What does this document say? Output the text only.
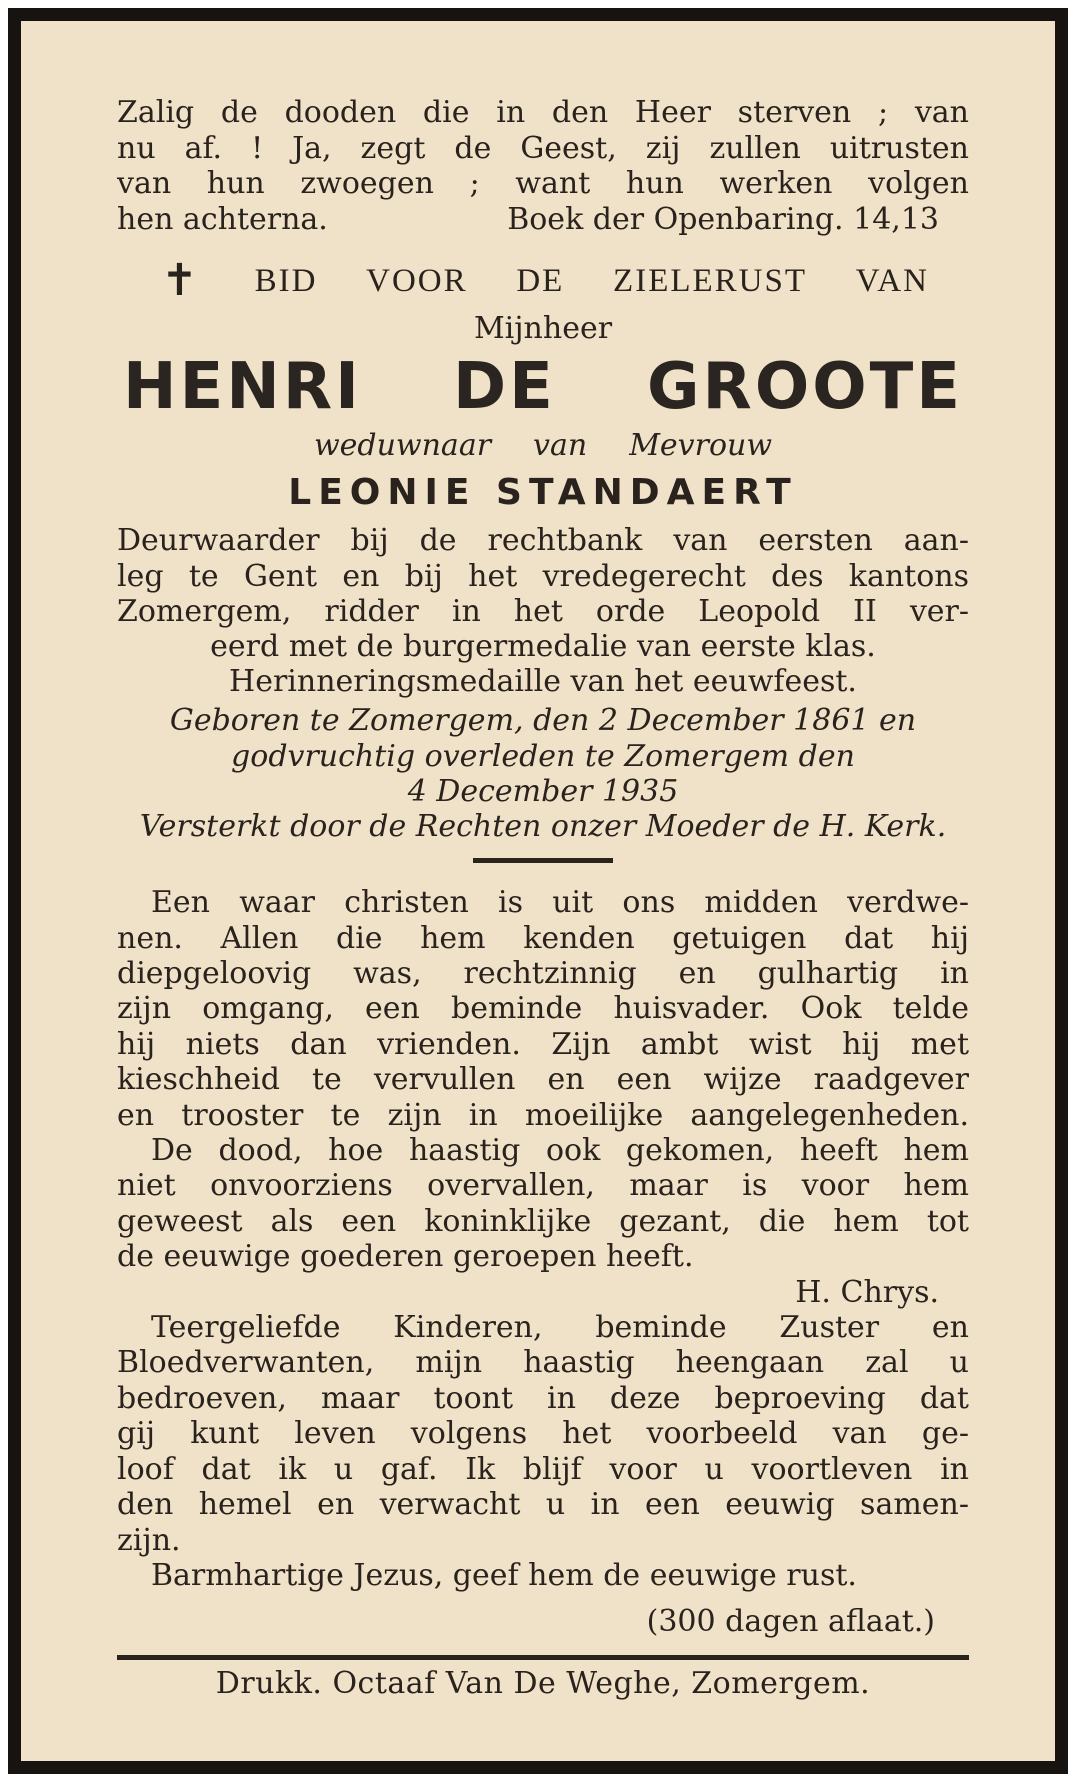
Zalig de dooden die in den Heer sterven ; van
nu af. ! Ja, zegt de Geest, zij zullen uitrusten
van hun zwoegen ; want hun werken volgen
hen achterna.	Boek der Openbaring. 14,13
✝ BID VOOR DE ZIELERUST VAN
Mijnheer
HENRI DE GROOTE
weduwnaar van Mevrouw
LEONIE STANDAERT
Deurwaarder bij de rechtbank van eersten aan-
leg te Gent en bij het vredegerecht des kantons
Zomergem, ridder in het orde Leopold II ver-
eerd met de burgermedalie van eerste klas.
Herinneringsmedaille van het eeuwfeest.
Geboren te Zomergem, den 2 December 1861 en
godvruchtig overleden te Zomergem den
4 December 1935
Versterkt door de Rechten onzer Moeder de H. Kerk.
Een waar christen is uit ons midden verdwe-
nen. Allen die hem kenden getuigen dat hij
diepgeloovig was, rechtzinnig en gulhartig in
zijn omgang, een beminde huisvader. Ook telde
hij niets dan vrienden. Zijn ambt wist hij met
kieschheid te vervullen en een wijze raadgever
en trooster te zijn in moeilijke aangelegenheden.
De dood, hoe haastig ook gekomen, heeft hem
niet onvoorziens overvallen, maar is voor hem
geweest als een koninklijke gezant, die hem tot
de eeuwige goederen geroepen heeft.
H. Chrys.
Teergeliefde Kinderen, beminde Zuster en
Bloedverwanten, mijn haastig heengaan zal u
bedroeven, maar toont in deze beproeving dat
gij kunt leven volgens het voorbeeld van ge-
loof dat ik u gaf. Ik blijf voor u voortleven in
den hemel en verwacht u in een eeuwig samen-
zijn.
Barmhartige Jezus, geef hem de eeuwige rust.
(300 dagen aflaat.)
Drukk. Octaaf Van De Weghe, Zomergem.
